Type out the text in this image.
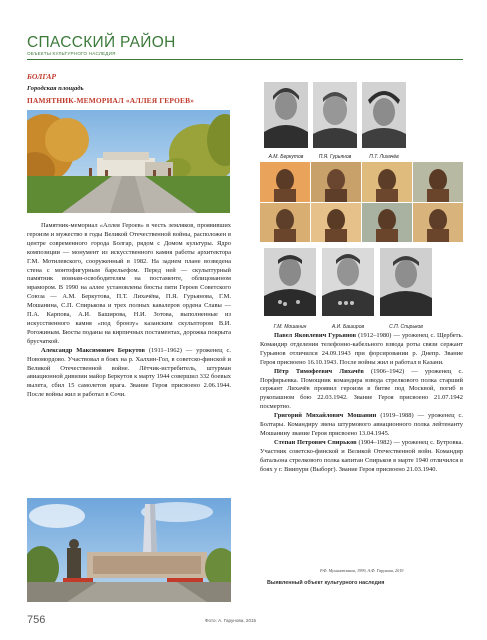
СПАССКИЙ РАЙОН
ОБЪЕКТЫ КУЛЬТУРНОГО НАСЛЕДИЯ
БОЛГАР
Городская площадь
ПАМЯТНИК-МЕМОРИАЛ «АЛЛЕЯ ГЕРОЕВ»
А.М. Беркутов	П.Я. Гурьянов	П.Т. Лихачёв
Г.М. Мошанин	А.И. Баширов	С.П. Спирьков

Памятник-мемориал «Аллея Героев» в честь земляков, проявивших героизм и мужество в годы Великой Отечественной войны, расположен в центре современного города Болгар, рядом с Домом культуры. Ядро композиции — монумент из искусственного камня работы архитектора Г.М. Мотилевского, сооруженный в 1982. На заднем плане возведена стена с монтофигурным барельефом. Перед ней — скульптурный памятник воинам-освободителям на постаменте, облицованном мрамором. В 1990 на аллее установлены бюсты пяти Героев Советского Союза — А.М. Беркутова, П.Т. Лихачёва, П.Я. Гурьянова, Г.М. Мошанина, С.П. Спирькова и трех полных кавалеров ордена Славы — П.А. Карпова, А.И. Баширова, Н.И. Зотова, выполненные из искусственного камня «под бронзу» казанским скульптором В.И. Рогожиным. Бюсты поданы на кирпичных постаментах, дорожка покрыта брусчаткой.

Александр Максимович Беркутов (1911–1962) — уроженец с. Новомордово. Участвовал в боях на р. Халхин-Гол, в советско-финской и Великой Отечественной войне. Лётчик-истребитель, штурман авиационной дивизии майор Беркутов к марту 1944 совершил 332 боевых вылета, сбил 15 самолетов врага. Звание Героя присвоено 2.06.1944. После войны жил и работал в Сочи.

Павел Яковлевич Гурьянов (1912–1980) — уроженец с. Щербеть. Командир отделения телефонно-кабельного взвода роты связи сержант Гурьянов отличился 24.09.1943 при форсировании р. Днепр. Звание Героя присвоено 16.10.1943. После войны жил и работал в Казани.

Пётр Тимофеевич Лихачёв (1906–1942) — уроженец с. Порфирьевка. Помощник командира взвода стрелкового полка старший сержант Лихачёв проявил героизм в битве под Москвой, погиб в рукопашном бою 22.03.1942. Звание Героя присвоено 21.07.1942 посмертно.

Григорий Михайлович Мошанин (1919–1988) — уроженец с. Болтары. Командиру звена штурмового авиационного полка лейтенанту Мошанину звание Героя присвоено 13.04.1945.

Степан Петрович Спирьков (1904–1982) — уроженец с. Бутровка. Участник советско-финской и Великой Отечественной войн. Командир батальона стрелкового полка капитан Спирьков в марте 1940 отличился в боях у г. Виипури (Выборг). Звание Героя присвоено 21.03.1940.

Р.Ф. Мухаметзянов, 1999, А.Ф. Гарунова, 2019
Выявленный объект культурного наследия
756	Фото: А. Гарунова, 2015
